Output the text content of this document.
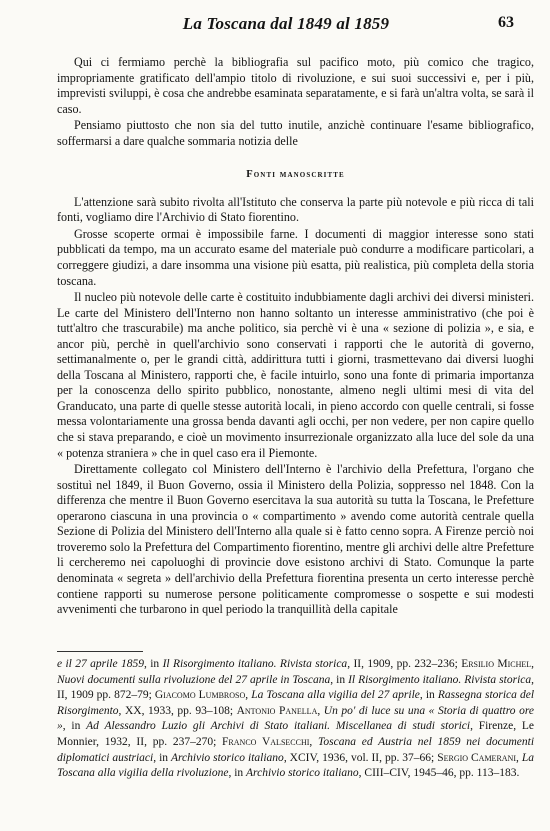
La Toscana dal 1849 al 1859	63

Qui ci fermiamo perchè la bibliografia sul pacifico moto, più comico che tragico, impropriamente gratificato dell'ampio titolo di rivoluzione, e sui suoi successivi e, per i più, imprevisti sviluppi, è cosa che andrebbe esaminata separatamente, e si farà un'altra volta, se sarà il caso.

Pensiamo piuttosto che non sia del tutto inutile, anzichè continuare l'esame bibliografico, soffermarsi a dare qualche sommaria notizia delle

Fonti manoscritte

L'attenzione sarà subito rivolta all'Istituto che conserva la parte più notevole e più ricca di tali fonti, vogliamo dire l'Archivio di Stato fiorentino.

Grosse scoperte ormai è impossibile farne. I documenti di maggior interesse sono stati pubblicati da tempo, ma un accurato esame del materiale può condurre a modificare particolari, a correggere giudizi, a dare insomma una visione più esatta, più realistica, più completa della storia toscana.

Il nucleo più notevole delle carte è costituito indubbiamente dagli archivi dei diversi ministeri. Le carte del Ministero dell'Interno non hanno soltanto un interesse amministrativo (che poi è tutt'altro che trascurabile) ma anche politico, sia perchè vi è una « sezione di polizia », e sia, e ancor più, perchè in quell'archivio sono conservati i rapporti che le autorità di governo, settimanalmente o, per le grandi città, addirittura tutti i giorni, trasmettevano dai diversi luoghi della Toscana al Ministero, rapporti che, è facile intuirlo, sono una fonte di primaria importanza per la conoscenza dello spirito pubblico, nonostante, almeno negli ultimi mesi di vita del Granducato, una parte di quelle stesse autorità locali, in pieno accordo con quelle centrali, si fosse messa volontariamente una grossa benda davanti agli occhi, per non vedere, per non capire quello che si stava preparando, e cioè un movimento insurrezionale organizzato alla luce del sole da una « potenza straniera » che in quel caso era il Piemonte.

Direttamente collegato col Ministero dell'Interno è l'archivio della Prefettura, l'organo che sostituì nel 1849, il Buon Governo, ossia il Ministero della Polizia, soppresso nel 1848. Con la differenza che mentre il Buon Governo esercitava la sua autorità su tutta la Toscana, le Prefetture operarono ciascuna in una provincia o « compartimento » avendo come autorità centrale quella Sezione di Polizia del Ministero dell'Interno alla quale si è fatto cenno sopra. A Firenze perciò noi troveremo solo la Prefettura del Compartimento fiorentino, mentre gli archivi delle altre Prefetture li cercheremo nei capoluoghi di provincie dove esistono archivi di Stato. Comunque la parte denominata « segreta » dell'archivio della Prefettura fiorentina presenta un certo interesse perchè contiene rapporti su numerose persone politicamente compromesse o sospette e sui modesti avvenimenti che turbarono in quel periodo la tranquillità della capitale

e il 27 aprile 1859, in Il Risorgimento italiano. Rivista storica, II, 1909, pp. 232–236; Ersilio Michel, Nuovi documenti sulla rivoluzione del 27 aprile in Toscana, in Il Risorgimento italiano. Rivista storica, II, 1909 pp. 872–79; Giacomo Lumbroso, La Toscana alla vigilia del 27 aprile, in Rassegna storica del Risorgimento, XX, 1933, pp. 93–108; Antonio Panella, Un po' di luce su una « Storia di quattro ore », in Ad Alessandro Luzio gli Archivi di Stato italiani. Miscellanea di studi storici, Firenze, Le Monnier, 1932, II, pp. 237–270; Franco Valsecchi, Toscana ed Austria nel 1859 nei documenti diplomatici austriaci, in Archivio storico italiano, XCIV, 1936, vol. II, pp. 37–66; Sergio Camerani, La Toscana alla vigilia della rivoluzione, in Archivio storico italiano, CIII–CIV, 1945–46, pp. 113–183.
